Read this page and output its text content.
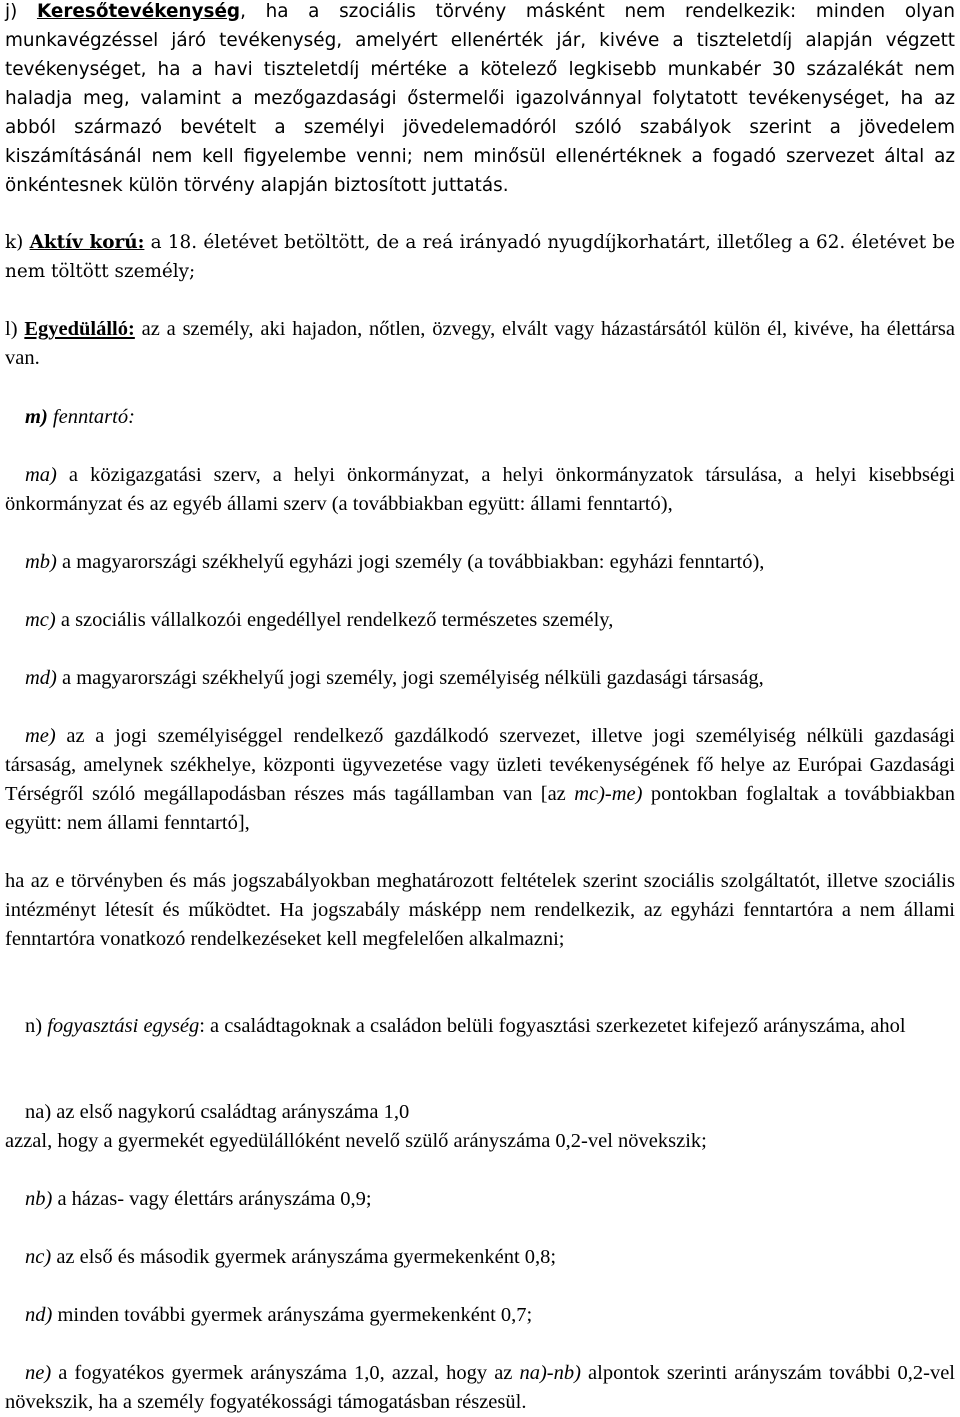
j) Keresőtevékenység, ha a szociális törvény másként nem rendelkezik: minden olyan munkavégzéssel járó tevékenység, amelyért ellenérték jár, kivéve a tiszteletdíj alapján végzett tevékenységet, ha a havi tiszteletdíj mértéke a kötelező legkisebb munkabér 30 százalékát nem haladja meg, valamint a mezőgazdasági őstermelői igazolvánnyal folytatott tevékenységet, ha az abból származó bevételt a személyi jövedelemadóról szóló szabályok szerint a jövedelem kiszámításánál nem kell figyelembe venni; nem minősül ellenértéknek a fogadó szervezet által az önkéntesnek külön törvény alapján biztosított juttatás.

k) Aktív korú: a 18. életévet betöltött, de a reá irányadó nyugdíjkorhatárt, illetőleg a 62. életévet be nem töltött személy;

l) Egyedülálló: az a személy, aki hajadon, nőtlen, özvegy, elvált vagy házastársától külön él, kivéve, ha élettársa van.

m) fenntartó:

ma) a közigazgatási szerv, a helyi önkormányzat, a helyi önkormányzatok társulása, a helyi kisebbségi önkormányzat és az egyéb állami szerv (a továbbiakban együtt: állami fenntartó),

mb) a magyarországi székhelyű egyházi jogi személy (a továbbiakban: egyházi fenntartó),

mc) a szociális vállalkozói engedéllyel rendelkező természetes személy,

md) a magyarországi székhelyű jogi személy, jogi személyiség nélküli gazdasági társaság,

me) az a jogi személyiséggel rendelkező gazdálkodó szervezet, illetve jogi személyiség nélküli gazdasági társaság, amelynek székhelye, központi ügyvezetése vagy üzleti tevékenységének fő helye az Európai Gazdasági Térségről szóló megállapodásban részes más tagállamban van [az mc)-me) pontokban foglaltak a továbbiakban együtt: nem állami fenntartó],

ha az e törvényben és más jogszabályokban meghatározott feltételek szerint szociális szolgáltatót, illetve szociális intézményt létesít és működtet. Ha jogszabály másképp nem rendelkezik, az egyházi fenntartóra a nem állami fenntartóra vonatkozó rendelkezéseket kell megfelelően alkalmazni;

n) fogyasztási egység: a családtagoknak a családon belüli fogyasztási szerkezetet kifejező arányszáma, ahol

na) az első nagykorú családtag arányszáma 1,0

azzal, hogy a gyermekét egyedülállóként nevelő szülő arányszáma 0,2-vel növekszik;

nb) a házas- vagy élettárs arányszáma 0,9;

nc) az első és második gyermek arányszáma gyermekenként 0,8;

nd) minden további gyermek arányszáma gyermekenként 0,7;

ne) a fogyatékos gyermek arányszáma 1,0, azzal, hogy az na)-nb) alpontok szerinti arányszám további 0,2-vel növekszik, ha a személy fogyatékossági támogatásban részesül.
